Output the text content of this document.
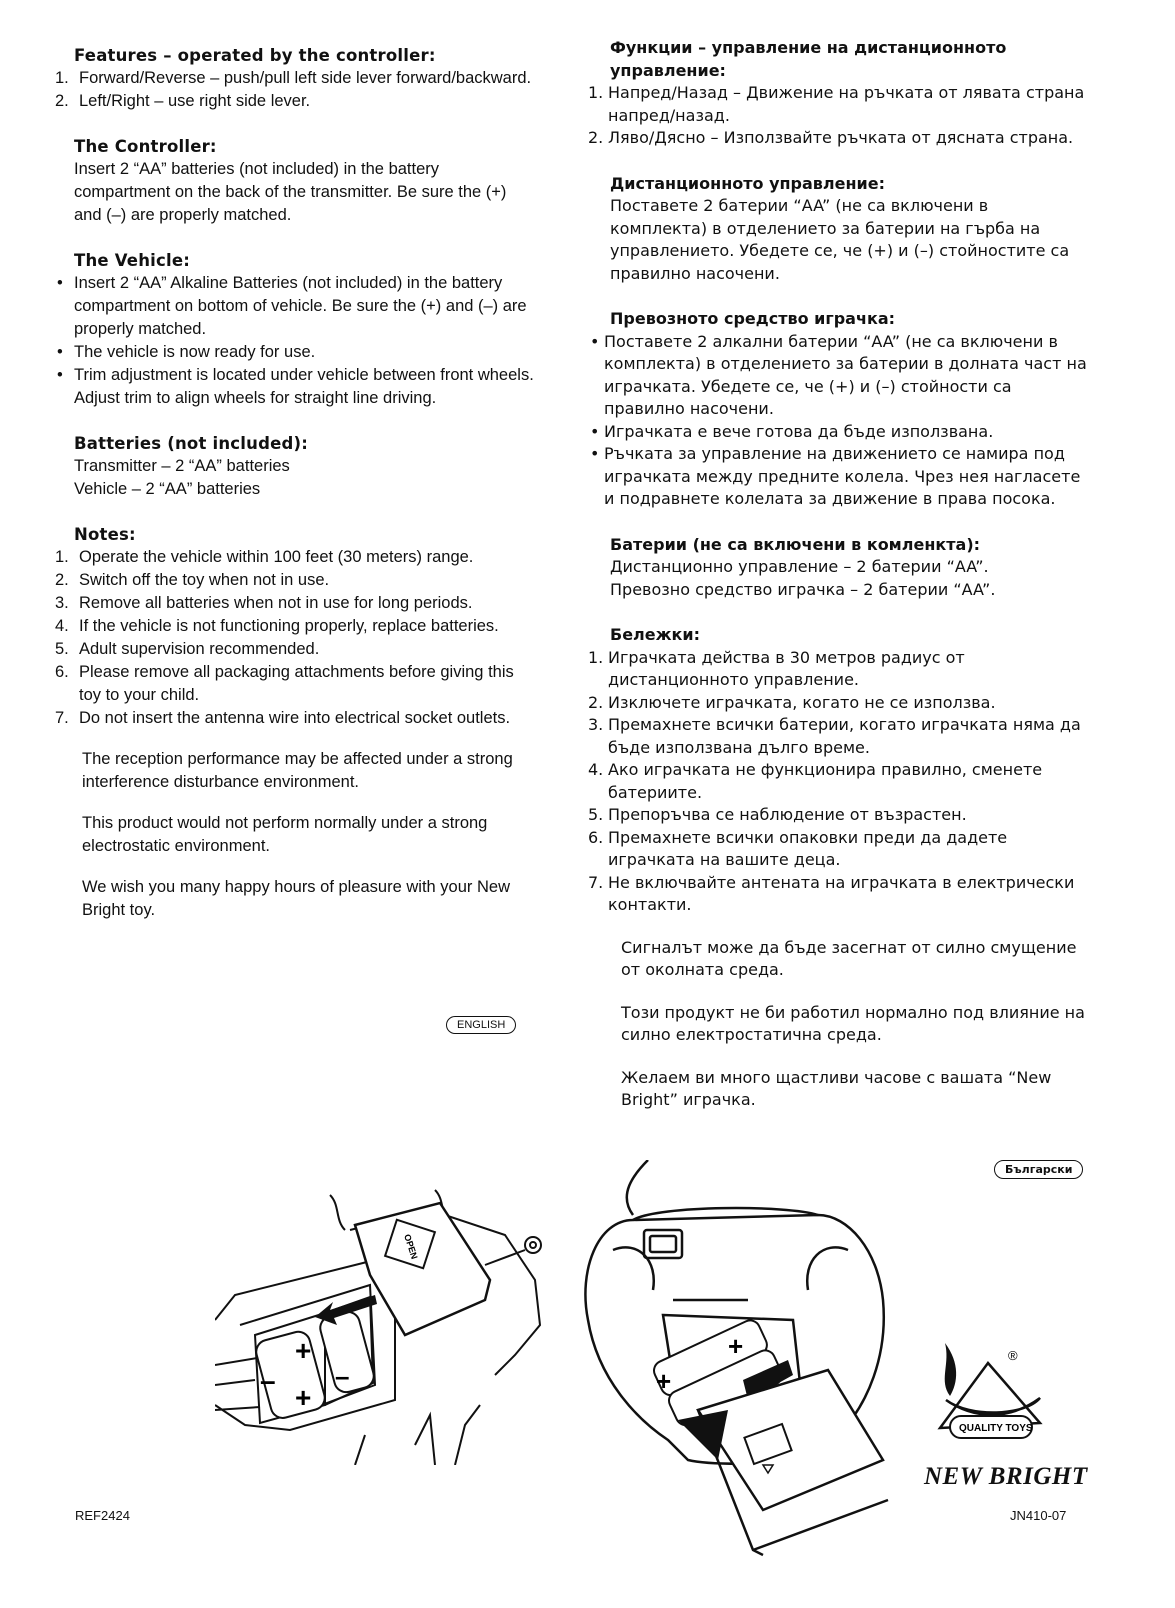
Features – operated by the controller:
1. Forward/Reverse – push/pull left side lever forward/backward.
2. Left/Right – use right side lever.
The Controller:
Insert 2 “AA” batteries (not included) in the battery compartment on the back of the transmitter. Be sure the (+) and (–) are properly matched.
The Vehicle:
• Insert 2 “AA” Alkaline Batteries (not included) in the battery compartment on bottom of vehicle. Be sure the (+) and (–) are properly matched.
• The vehicle is now ready for use.
• Trim adjustment is located under vehicle between front wheels. Adjust trim to align wheels for straight line driving.
Batteries (not included):
Transmitter – 2 “AA” batteries
Vehicle – 2 “AA” batteries
Notes:
1. Operate the vehicle within 100 feet (30 meters) range.
2. Switch off the toy when not in use.
3. Remove all batteries when not in use for long periods.
4. If the vehicle is not functioning properly, replace batteries.
5. Adult supervision recommended.
6. Please remove all packaging attachments before giving this toy to your child.
7. Do not insert the antenna wire into electrical socket outlets.
The reception performance may be affected under a strong interference disturbance environment.
This product would not perform normally under a strong electrostatic environment.
We wish you many happy hours of pleasure with your New Bright toy.
ENGLISH
Функции – управление на дистанционното управление:
1. Напред/Назад – Движение на ръчката от лявата страна напред/назад.
2. Ляво/Дясно – Използвайте ръчката от дясната страна.
Дистанционното управление:
Поставете 2 батерии “AA” (не са включени в комплекта) в отделението за батерии на гърба на управлението. Убедете се, че (+) и (–) стойностите са правилно насочени.
Превозното средство играчка:
• Поставете 2 алкални батерии “AA” (не са включени в комплекта) в отделението за батерии в долната част на играчката. Убедете се, че (+) и (–) стойности са правилно насочени.
• Играчката е вече готова да бъде използвана.
• Ръчката за управление на движението се намира под играчката между предните колела. Чрез нея нагласете и подравнете колелата за движение в права посока.
Батерии (не са включени в комленкта):
Дистанционно управление – 2 батерии “AA”.
Превозно средство играчка – 2 батерии “AA”.
Бележки:
1. Играчката действа в 30 метров радиус от дистанционното управление.
2. Изключете играчката, когато не се използва.
3. Премахнете всички батерии, когато играчката няма да бъде използвана дълго време.
4. Ако играчката не функционира правилно, сменете батериите.
5. Препоръчва се наблюдение от възрастен.
6. Премахнете всички опаковки преди да дадете играчката на вашите деца.
7. Не включвайте антената на играчката в електрически контакти.
Сигналът може да бъде засегнат от силно смущение от околната среда.
Този продукт не би работил нормално под влияние на силно електростатична среда.
Желаем ви много щастливи часове с вашата “New Bright” играчка.
Български
OPEN
+
+
– –	+
+	®
QUALITY TOYS
NEW BRIGHT
REF2424	JN410-07
